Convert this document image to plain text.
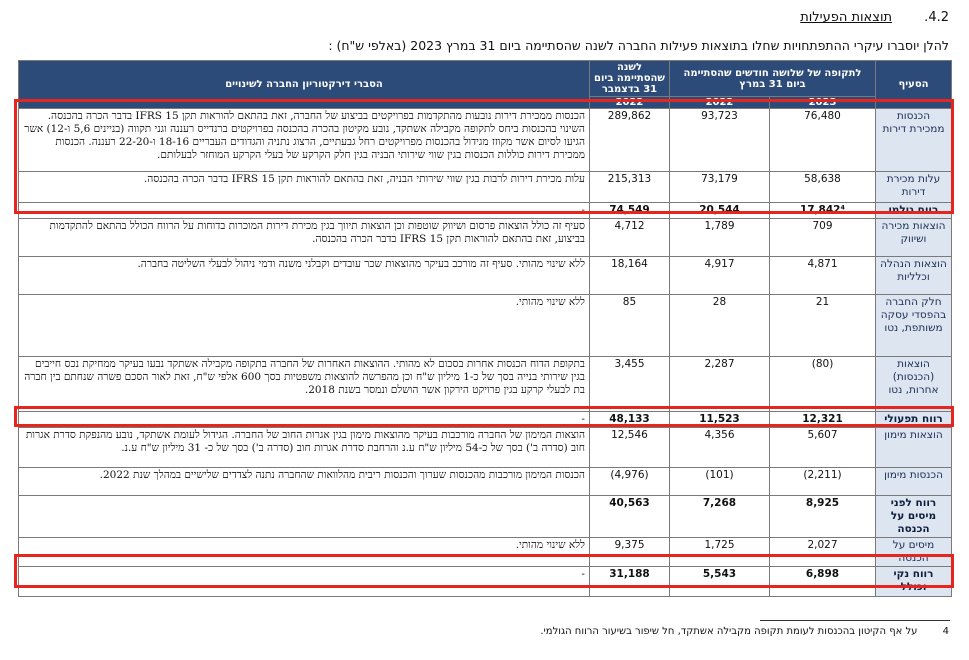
4.2. תוצאות הפעילות
להלן יוסברו עיקרי ההתפתחויות שחלו בתוצאות פעילות החברה לשנה שהסתיימה ביום 31 במרץ 2023 (באלפי ש"ח) :
הסעיף	לתקופה של שלושה חודשים שהסתיימה ביום 31 במרץ		לשנה שהסתיימה ביום 31 בדצמבר	הסברי דירקטוריון החברה לשינויים
	2023	2022	2022	
הכנסות ממכירת דירות	76,480	93,723	289,862	הכנסות ממכירת דירות נובעות מהתקדמות בפרויקטים בביצוע של החברה, זאת בהתאם להוראות תקן IFRS 15 בדבר הכרה בהכנסה. השינוי בהכנסות ביחס לתקופה מקבילה אשתקד, נובע מקיטון בהכרה בהכנסה בפרויקטים ברנדייס רעננה וגני תקווה (בניינים 5,6 ו-12) אשר הגיעו לסיום אשר מקוזז מגידול בהכנסות מפרויקטים רחל גבעתיים, הרצוג נתניה והגדודים העבריים 18-16 ו-22-20 רעננה. הכנסות ממכירת דירות כוללות הכנסות בגין שווי שירותי הבניה בגין חלק הקרקע של בעלי הקרקע המוחזר לבעלותם.
עלות מכירת דירות	58,638	73,179	215,313	עלות מכירת דירות לרבות בגין שווי שירותי הבניה, זאת בהתאם להוראות תקן IFRS 15 בדבר הכרה בהכנסה.
רווח גולמי	17,842⁴	20,544	74,549	-
הוצאות מכירה ושיווק	709	1,789	4,712	סעיף זה כולל הוצאות פרסום ושיווק שוטפות וכן הוצאות תיווך בגין מכירת דירות המוכרות בדוחות על הרווח הכולל בהתאם להתקדמות בביצוע, זאת בהתאם להוראות תקן IFRS 15 בדבר הכרה בהכנסה.
הוצאות הנהלה וכלליות	4,871	4,917	18,164	ללא שינוי מהותי. סעיף זה מורכב בעיקר מהוצאות שכר עובדים וקבלני משנה ודמי ניהול לבעלי השליטה בחברה.
חלק החברה בהפסדי עסקה משותפת, נטו	21	28	85	ללא שינוי מהותי.
הוצאות (הכנסות) אחרות, נטו	(80)	2,287	3,455	בתקופת הדוח הכנסות אחרות בסכום לא מהותי. ההוצאות האחרות של החברה בתקופה מקבילה אשתקד נבעו בעיקר ממחיקת נכס חייבים בגין שירותי בנייה בסך של כ-1 מיליון ש"ח וכן מהפרשה להוצאות משפטיות בסך 600 אלפי ש"ח, זאת לאור הסכם פשרה שנחתם בין חברה בת לבעלי קרקע בגין פרויקט הירקון אשר הושלם ונמסר בשנת 2018.
רווח תפעולי	12,321	11,523	48,133	-
הוצאות מימון	5,607	4,356	12,546	הוצאות המימון של החברה מורכבות בעיקר מהוצאות מימון בגין אגרות החוב של החברה. הגידול לעומת אשתקד, נובע מהנפקת סדרת אגרות חוב (סדרה ב') בסך של כ-54 מיליון ש"ח ע.נ והרחבת סדרת אגרות חוב (סדרה ב') בסך של כ- 31 מיליון ש"ח ע.נ.
הכנסות מימון	(2,211)	(101)	(4,976)	הכנסות המימון מורכבות מהכנסות שערוך והכנסות ריבית מהלוואות שהחברה נתנה לצדדים שלישיים במהלך שנת 2022.
רווח לפני מיסים על הכנסה	8,925	7,268	40,563	
מיסים על הכנסה	2,027	1,725	9,375	ללא שינוי מהותי.
רווח נקי וכולל	6,898	5,543	31,188	-
4 על אף הקיטון בהכנסות לעומת תקופה מקבילה אשתקד, חל שיפור בשיעור הרווח הגולמי.
